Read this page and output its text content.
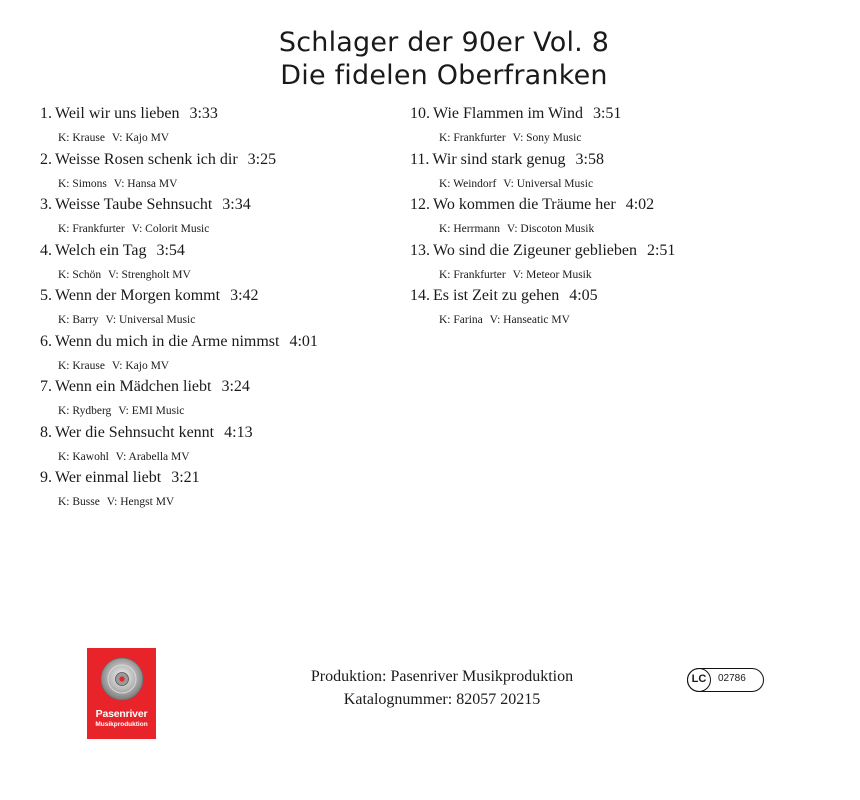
Schlager der 90er Vol. 8
Die fidelen Oberfranken
1. Weil wir uns lieben 3:33
K: Krause V: Kajo MV
2. Weisse Rosen schenk ich dir 3:25
K: Simons V: Hansa MV
3. Weisse Taube Sehnsucht 3:34
K: Frankfurter V: Colorit Music
4. Welch ein Tag 3:54
K: Schön V: Strengholt MV
5. Wenn der Morgen kommt 3:42
K: Barry V: Universal Music
6. Wenn du mich in die Arme nimmst 4:01
K: Krause V: Kajo MV
7. Wenn ein Mädchen liebt 3:24
K: Rydberg V: EMI Music
8. Wer die Sehnsucht kennt 4:13
K: Kawohl V: Arabella MV
9. Wer einmal liebt 3:21
K: Busse V: Hengst MV
10. Wie Flammen im Wind 3:51
K: Frankfurter V: Sony Music
11. Wir sind stark genug 3:58
K: Weindorf V: Universal Music
12. Wo kommen die Träume her 4:02
K: Herrmann V: Discoton Musik
13. Wo sind die Zigeuner geblieben 2:51
K: Frankfurter V: Meteor Musik
14. Es ist Zeit zu gehen 4:05
K: Farina V: Hanseatic MV
Pasenriver
Musikproduktion
Produktion: Pasenriver Musikproduktion
Katalognummer: 82057 20215
LC	02786
